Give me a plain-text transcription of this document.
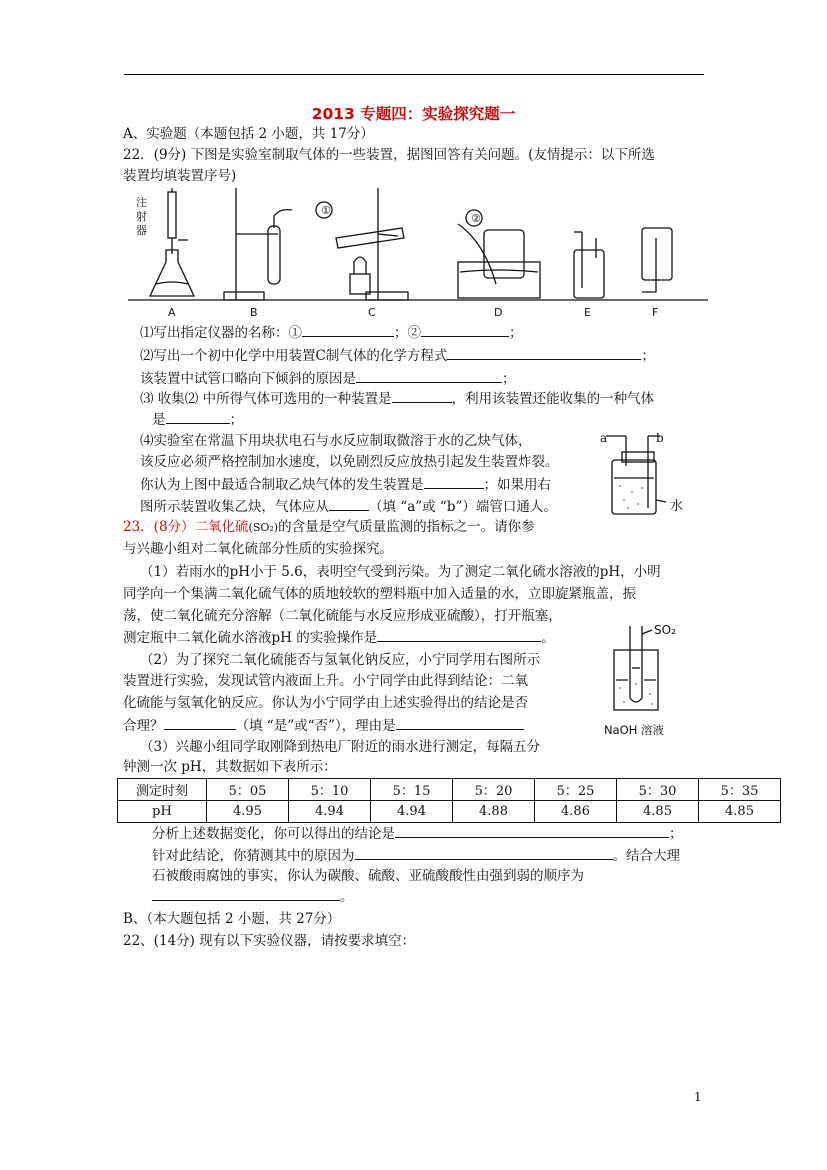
2013 专题四：实验探究题一
A、实验题（本题包括 2 小题，共 17分）
22．(9分) 下图是实验室制取气体的一些装置，据图回答有关问题。(友情提示：以下所选
装置均填装置序号)
注
射
器
①
②
A	B	C	D	E	F
⑴写出指定仪器的名称：①	；②	；
⑵写出一个初中化学中用装置C制气体的化学方程式	；
该装置中试管口略向下倾斜的原因是	；
⑶ 收集⑵ 中所得气体可选用的一种装置是	，利用该装置还能收集的一种气体
是	；
⑷实验室在常温下用块状电石与水反应制取微溶于水的乙炔气体，
该反应必须严格控制加水速度，以免剧烈反应放热引起发生装置炸裂。
你认为上图中最适合制取乙炔气体的发生装置是	；如果用右
图所示装置收集乙炔，气体应从	（填 “a”或 “b”）端管口通人。
a	b
水
23．(8分）二氧化硫(SO₂)的含量是空气质量监测的指标之一。请你参
与兴趣小组对二氧化硫部分性质的实验探究。
（1）若雨水的pH小于 5.6，表明空气受到污染。为了测定二氧化硫水溶液的pH，小明
同学向一个集满二氧化硫气体的质地较软的塑料瓶中加入适量的水，立即旋紧瓶盖，振
荡，使二氧化硫充分溶解（二氧化硫能与水反应形成亚硫酸），打开瓶塞，
测定瓶中二氧化硫水溶液pH 的实验操作是	。
（2）为了探究二氧化硫能否与氢氧化钠反应，小宁同学用右图所示
装置进行实验，发现试管内液面上升。小宁同学由此得到结论：二氧
化硫能与氢氧化钠反应。你认为小宁同学由上述实验得出的结论是否
合理？	（填 “是”或“否”），理由是
SO₂
NaOH 溶液
（3）兴趣小组同学取刚降到热电厂附近的雨水进行测定，每隔五分
钟测一次 pH，其数据如下表所示：
测定时刻	5：05	5：10	5：15	5：20	5：25	5：30	5：35
pH	4.95	4.94	4.94	4.88	4.86	4.85	4.85
分析上述数据变化，你可以得出的结论是	；
针对此结论，你猜测其中的原因为	。结合大理
石被酸雨腐蚀的事实，你认为碳酸、硫酸、亚硫酸酸性由强到弱的顺序为
。
B、（本大题包括 2 小题，共 27分）
22、(14分) 现有以下实验仪器，请按要求填空：
1
